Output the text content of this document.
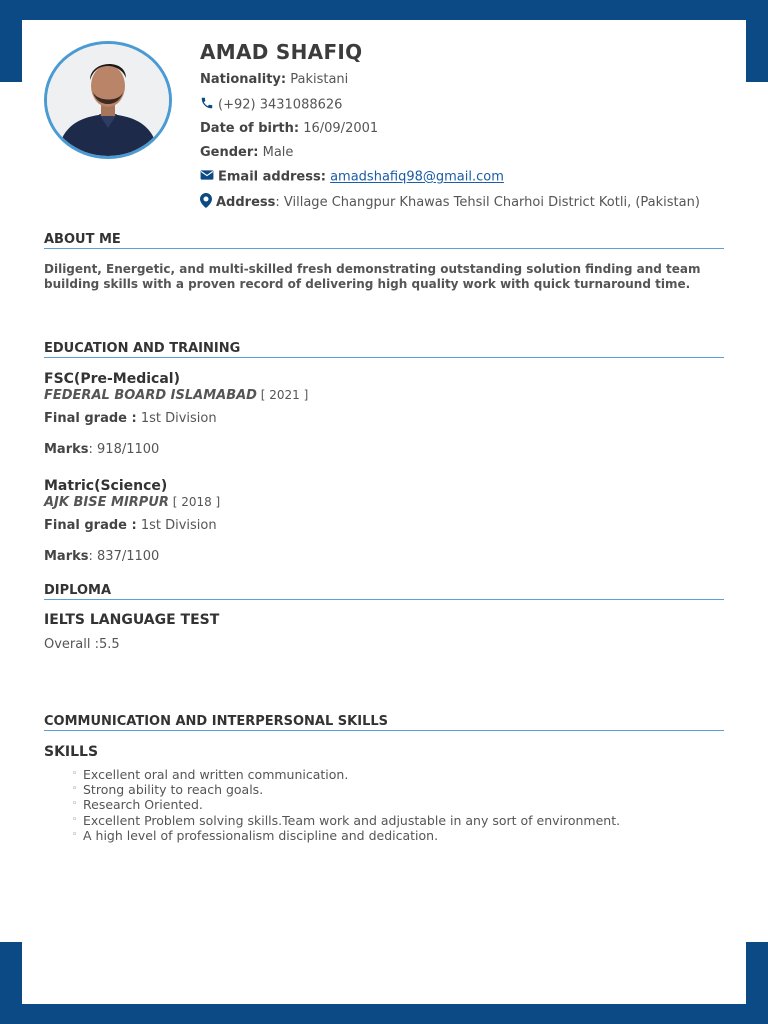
AMAD SHAFIQ
Nationality: Pakistani
(+92) 3431088626
Date of birth: 16/09/2001
Gender: Male
Email address: amadshafiq98@gmail.com
Address: Village Changpur Khawas Tehsil Charhoi District Kotli, (Pakistan)
ABOUT ME

Diligent, Energetic, and multi-skilled fresh demonstrating outstanding solution finding and team building skills with a proven record of delivering high quality work with quick turnaround time.

EDUCATION AND TRAINING
FSC(Pre-Medical)
FEDERAL BOARD ISLAMABAD [ 2021 ]
Final grade : 1st Division
Marks: 918/1100
Matric(Science)
AJK BISE MIRPUR [ 2018 ]
Final grade : 1st Division
Marks: 837/1100
DIPLOMA
IELTS LANGUAGE TEST
Overall :5.5
COMMUNICATION AND INTERPERSONAL SKILLS
SKILLS
◦ Excellent oral and written communication.
◦ Strong ability to reach goals.
◦ Research Oriented.
◦ Excellent Problem solving skills.Team work and adjustable in any sort of environment.
◦ A high level of professionalism discipline and dedication.
